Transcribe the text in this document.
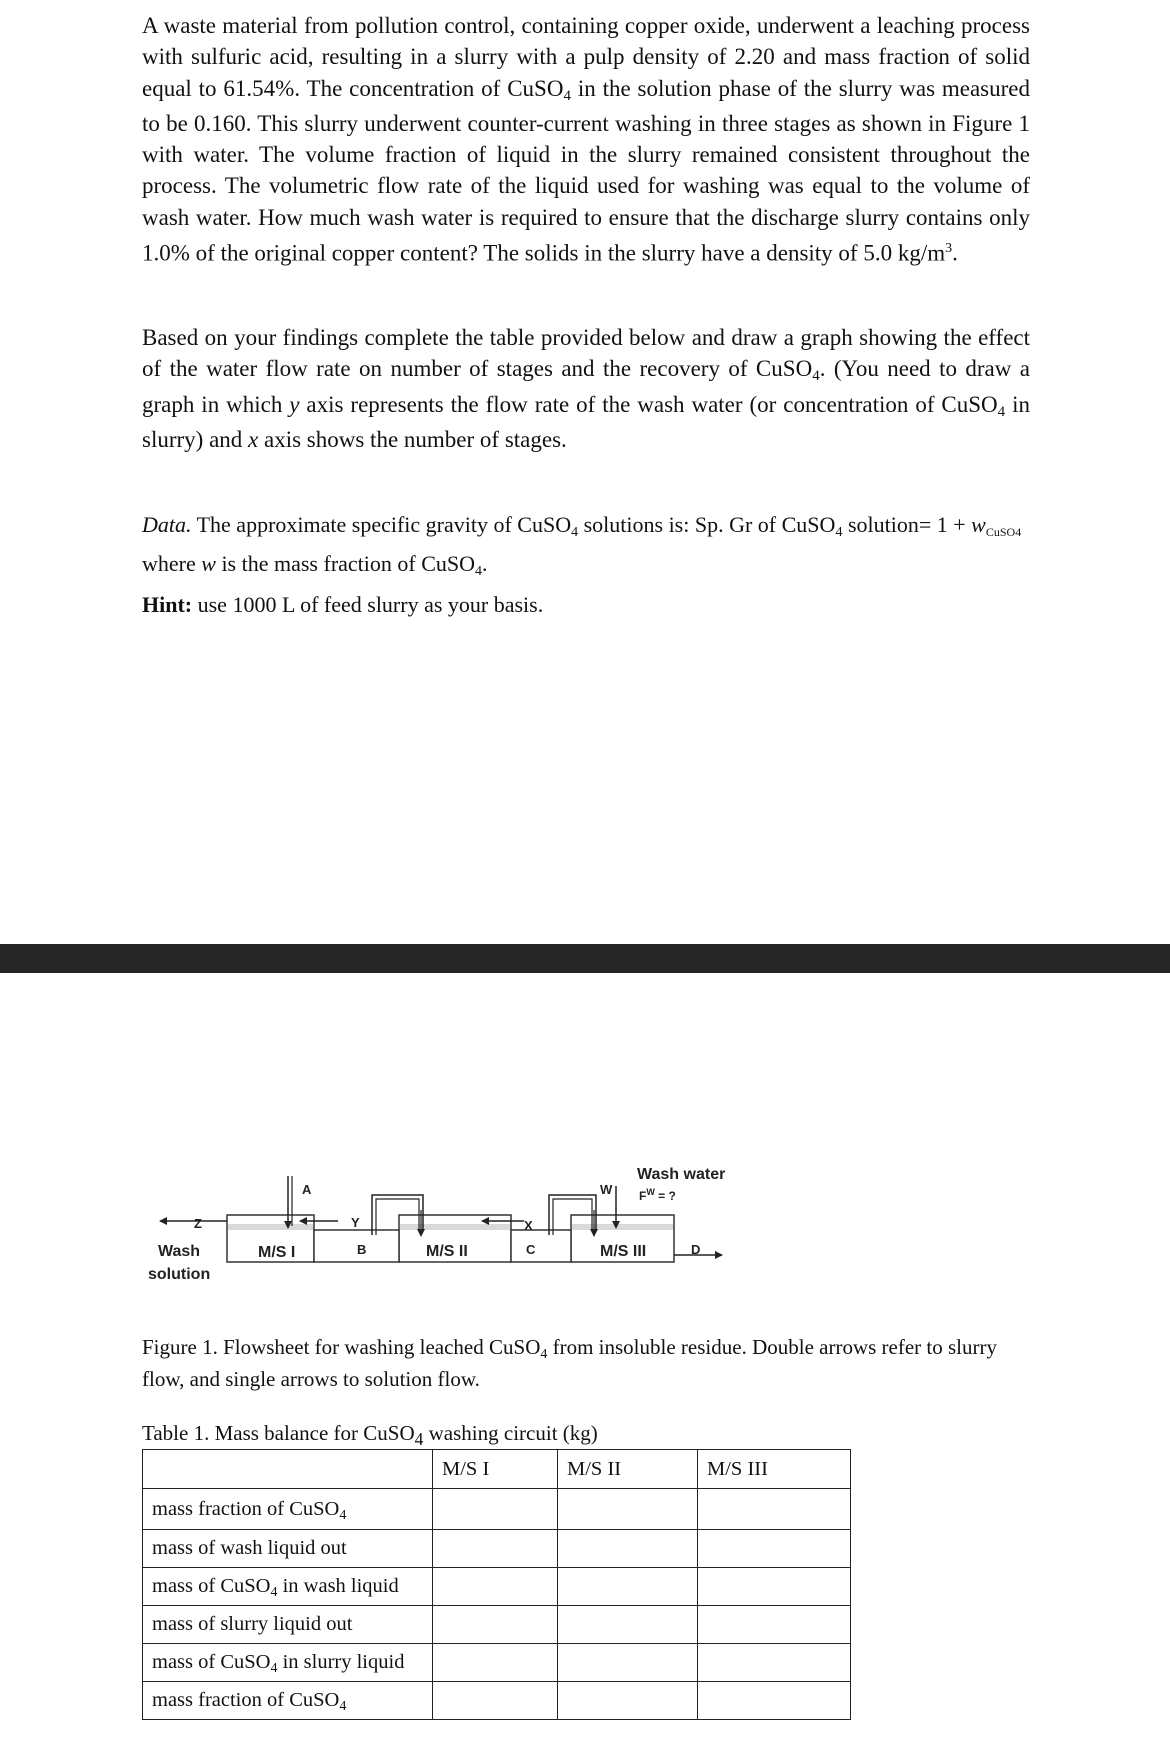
A waste material from pollution control, containing copper oxide, underwent a leaching process with sulfuric acid, resulting in a slurry with a pulp density of 2.20 and mass fraction of solid equal to 61.54%. The concentration of CuSO$_4$ in the solution phase of the slurry was measured to be 0.160. This slurry underwent counter-current washing in three stages as shown in Figure 1 with water. The volume fraction of liquid in the slurry remained consistent throughout the process. The volumetric flow rate of the liquid used for washing was equal to the volume of wash water. How much wash water is required to ensure that the discharge slurry contains only 1.0% of the original copper content? The solids in the slurry have a density of 5.0 $kg/m^3$.

Based on your findings complete the table provided below and draw a graph showing the effect of the water flow rate on number of stages and the recovery of CuSO$_4$. (You need to draw a graph in which y axis represents the flow rate of the wash water (or concentration of CuSO$_4$ in slurry) and x axis shows the number of stages.

Data. The approximate specific gravity of CuSO$_4$ solutions is: Sp. Gr of CuSO$_4$ solution= $1 + w_{CuSO4}$

where w is the mass fraction of CuSO$_4$.

Hint: use 1000 L of feed slurry as your basis.

A
Y	X
W
Z
B	C	D
M/S I	M/S II	M/S III
Wash water
$F^W$ = ?
Wash
solution

Figure 1. Flowsheet for washing leached CuSO$_4$ from insoluble residue. Double arrows refer to slurry flow, and single arrows to solution flow.

Table 1. Mass balance for CuSO$_4$ washing circuit (kg)

	M/S I	M/S II	M/S III
mass fraction of CuSO$_4$			
mass of wash liquid out			
mass of CuSO$_4$ in wash liquid			
mass of slurry liquid out			
mass of CuSO$_4$ in slurry liquid			
mass fraction of CuSO$_4$			
